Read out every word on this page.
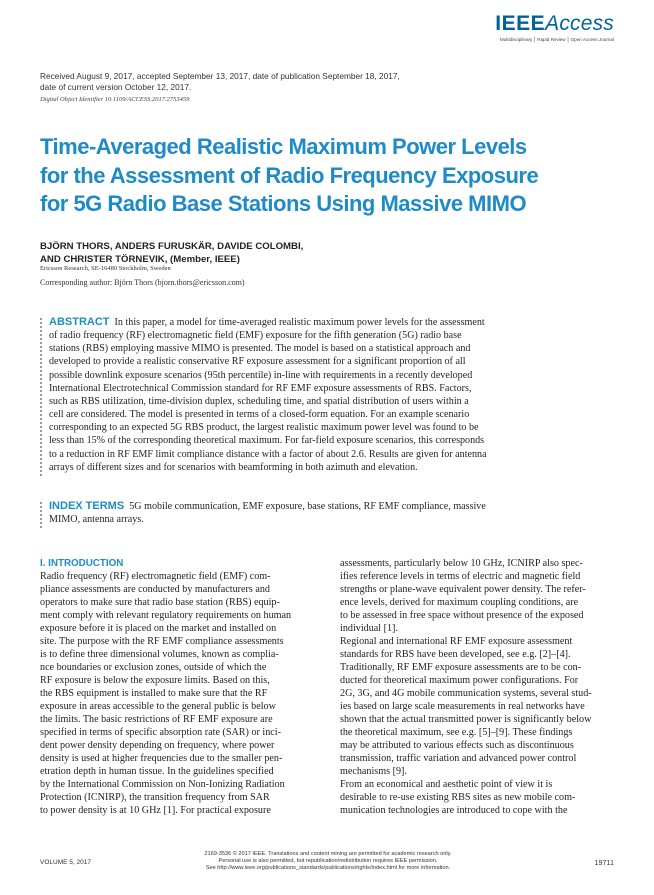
IEEEAccess
Multidisciplinary ⎮ Rapid Review ⎮ Open Access Journal
Received August 9, 2017, accepted September 13, 2017, date of publication September 18, 2017,
date of current version October 12, 2017.
Digital Object Identifier 10.1109/ACCESS.2017.2753459
Time-Averaged Realistic Maximum Power Levels
for the Assessment of Radio Frequency Exposure
for 5G Radio Base Stations Using Massive MIMO
BJÖRN THORS, ANDERS FURUSKÄR, DAVIDE COLOMBI,
AND CHRISTER TÖRNEVIK, (Member, IEEE)
Ericsson Research, SE-16480 Stockholm, Sweden
Corresponding author: Björn Thors (bjorn.thors@ericsson.com)
ABSTRACT In this paper, a model for time-averaged realistic maximum power levels for the assessment
of radio frequency (RF) electromagnetic field (EMF) exposure for the fifth generation (5G) radio base
stations (RBS) employing massive MIMO is presented. The model is based on a statistical approach and
developed to provide a realistic conservative RF exposure assessment for a significant proportion of all
possible downlink exposure scenarios (95th percentile) in-line with requirements in a recently developed
International Electrotechnical Commission standard for RF EMF exposure assessments of RBS. Factors,
such as RBS utilization, time-division duplex, scheduling time, and spatial distribution of users within a
cell are considered. The model is presented in terms of a closed-form equation. For an example scenario
corresponding to an expected 5G RBS product, the largest realistic maximum power level was found to be
less than 15% of the corresponding theoretical maximum. For far-field exposure scenarios, this corresponds
to a reduction in RF EMF limit compliance distance with a factor of about 2.6. Results are given for antenna
arrays of different sizes and for scenarios with beamforming in both azimuth and elevation.
INDEX TERMS 5G mobile communication, EMF exposure, base stations, RF EMF compliance, massive
MIMO, antenna arrays.
I. INTRODUCTION
Radio frequency (RF) electromagnetic field (EMF) com-
pliance assessments are conducted by manufacturers and
operators to make sure that radio base station (RBS) equip-
ment comply with relevant regulatory requirements on human
exposure before it is placed on the market and installed on
site. The purpose with the RF EMF compliance assessments
is to define three dimensional volumes, known as complia-
nce boundaries or exclusion zones, outside of which the
RF exposure is below the exposure limits. Based on this,
the RBS equipment is installed to make sure that the RF
exposure in areas accessible to the general public is below
the limits. The basic restrictions of RF EMF exposure are
specified in terms of specific absorption rate (SAR) or inci-
dent power density depending on frequency, where power
density is used at higher frequencies due to the smaller pen-
etration depth in human tissue. In the guidelines specified
by the International Commission on Non-Ionizing Radiation
Protection (ICNIRP), the transition frequency from SAR
to power density is at 10 GHz [1]. For practical exposure
assessments, particularly below 10 GHz, ICNIRP also spec-
ifies reference levels in terms of electric and magnetic field
strengths or plane-wave equivalent power density. The refer-
ence levels, derived for maximum coupling conditions, are
to be assessed in free space without presence of the exposed
individual [1].
Regional and international RF EMF exposure assessment
standards for RBS have been developed, see e.g. [2]–[4].
Traditionally, RF EMF exposure assessments are to be con-
ducted for theoretical maximum power configurations. For
2G, 3G, and 4G mobile communication systems, several stud-
ies based on large scale measurements in real networks have
shown that the actual transmitted power is significantly below
the theoretical maximum, see e.g. [5]–[9]. These findings
may be attributed to various effects such as discontinuous
transmission, traffic variation and advanced power control
mechanisms [9].
From an economical and aesthetic point of view it is
desirable to re-use existing RBS sites as new mobile com-
munication technologies are introduced to cope with the
VOLUME 5, 2017
2169-3536 © 2017 IEEE. Translations and content mining are permitted for academic research only.
Personal use is also permitted, but republication/redistribution requires IEEE permission.
See http://www.ieee.org/publications_standards/publications/rights/index.html for more information.
19711
